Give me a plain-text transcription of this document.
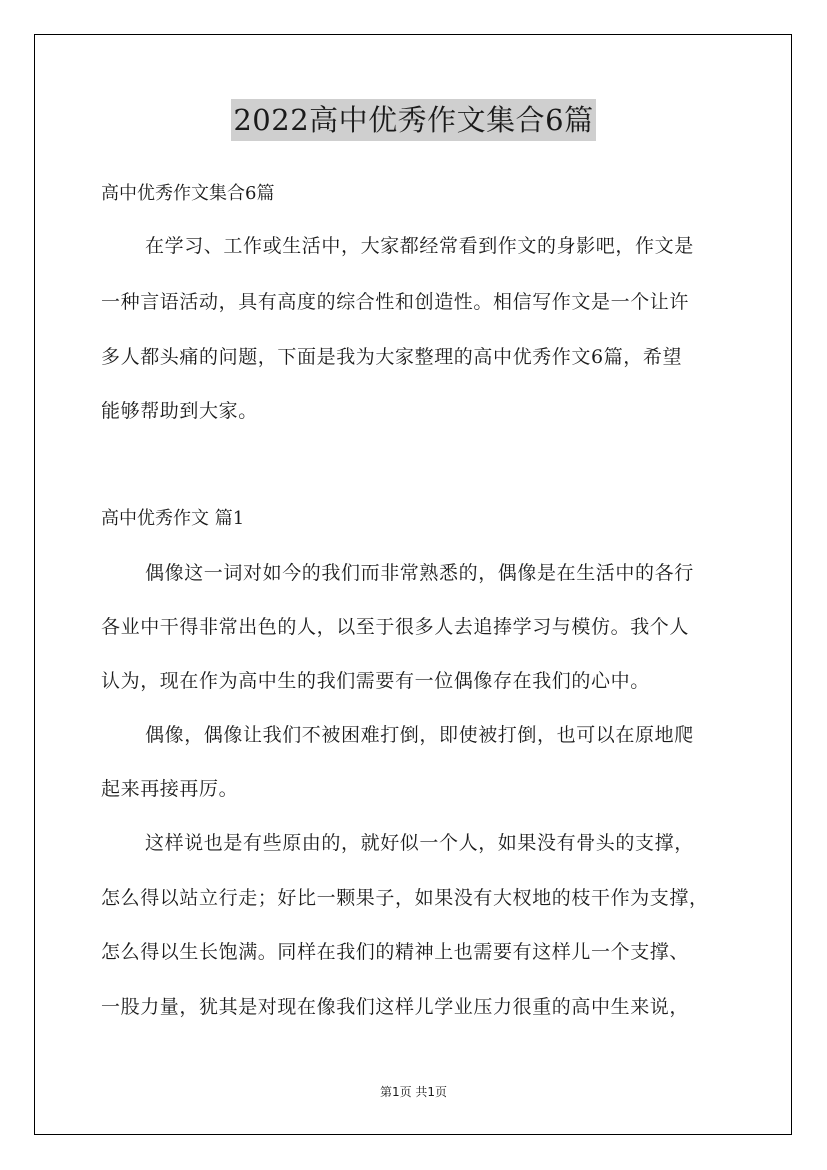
2022高中优秀作文集合6篇
高中优秀作文集合6篇
在学习、工作或生活中，大家都经常看到作文的身影吧，作文是
一种言语活动，具有高度的综合性和创造性。相信写作文是一个让许
多人都头痛的问题，下面是我为大家整理的高中优秀作文6篇，希望
能够帮助到大家。
高中优秀作文 篇1
偶像这一词对如今的我们而非常熟悉的，偶像是在生活中的各行
各业中干得非常出色的人，以至于很多人去追捧学习与模仿。我个人
认为，现在作为高中生的我们需要有一位偶像存在我们的心中。
偶像，偶像让我们不被困难打倒，即使被打倒，也可以在原地爬
起来再接再厉。
这样说也是有些原由的，就好似一个人，如果没有骨头的支撑，
怎么得以站立行走；好比一颗果子，如果没有大杈地的枝干作为支撑，
怎么得以生长饱满。同样在我们的精神上也需要有这样儿一个支撑、
一股力量，犹其是对现在像我们这样儿学业压力很重的高中生来说，
第1页 共1页
